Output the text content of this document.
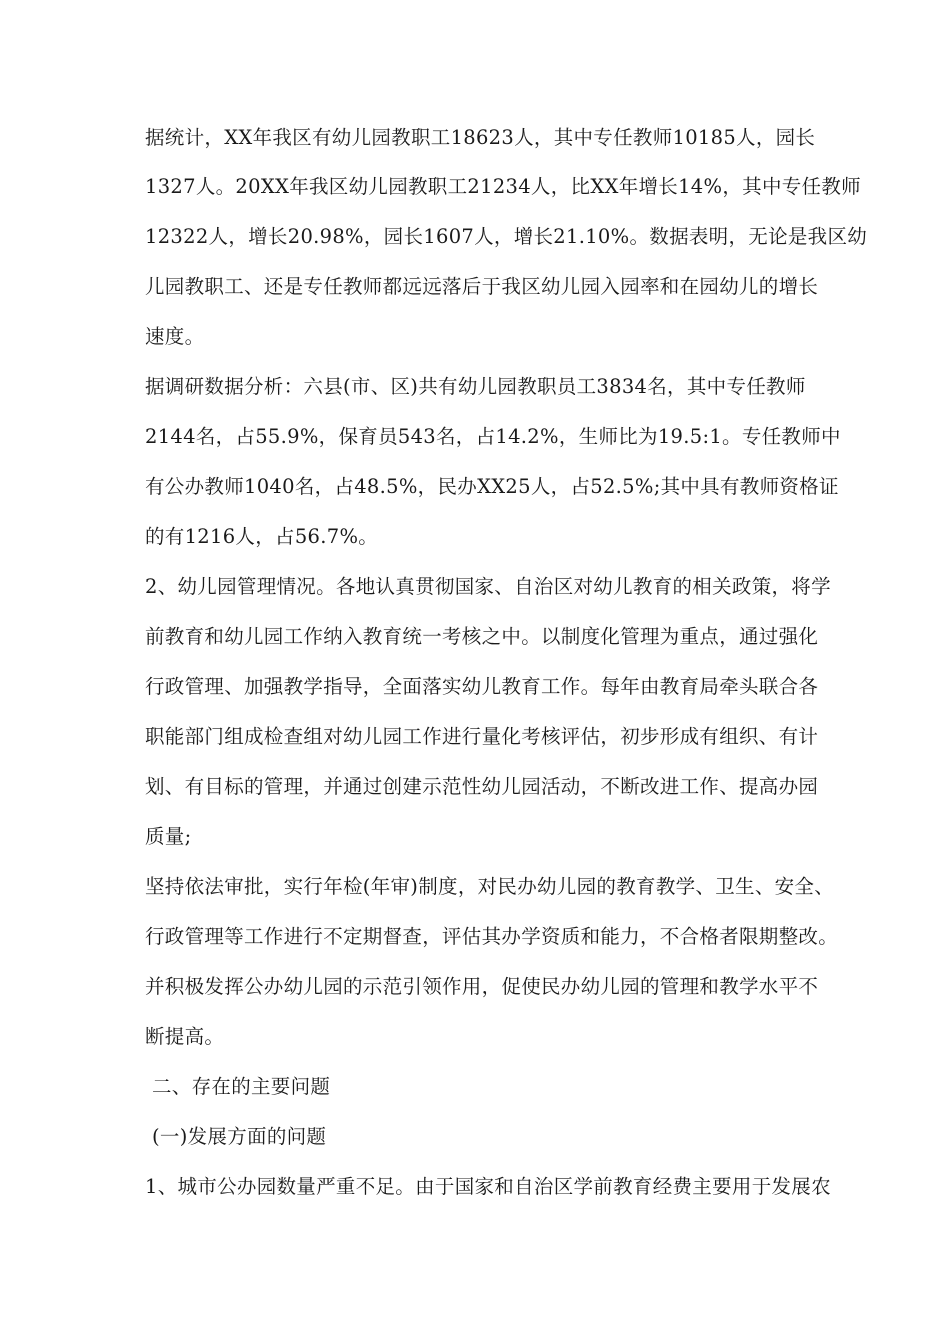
据统计，XX年我区有幼儿园教职工18623人，其中专任教师10185人，园长
1327人。20XX年我区幼儿园教职工21234人，比XX年增长14%，其中专任教师
12322人，增长20.98%，园长1607人，增长21.10%。数据表明，无论是我区幼
儿园教职工、还是专任教师都远远落后于我区幼儿园入园率和在园幼儿的增长
速度。
据调研数据分析：六县(市、区)共有幼儿园教职员工3834名，其中专任教师
2144名，占55.9%，保育员543名，占14.2%，生师比为19.5:1。专任教师中
有公办教师1040名，占48.5%，民办XX25人，占52.5%;其中具有教师资格证
的有1216人，占56.7%。
2、幼儿园管理情况。各地认真贯彻国家、自治区对幼儿教育的相关政策，将学
前教育和幼儿园工作纳入教育统一考核之中。以制度化管理为重点，通过强化
行政管理、加强教学指导，全面落实幼儿教育工作。每年由教育局牵头联合各
职能部门组成检查组对幼儿园工作进行量化考核评估，初步形成有组织、有计
划、有目标的管理，并通过创建示范性幼儿园活动，不断改进工作、提高办园
质量;
坚持依法审批，实行年检(年审)制度，对民办幼儿园的教育教学、卫生、安全、
行政管理等工作进行不定期督查，评估其办学资质和能力，不合格者限期整改。
并积极发挥公办幼儿园的示范引领作用，促使民办幼儿园的管理和教学水平不
断提高。
二、存在的主要问题
(一)发展方面的问题
1、城市公办园数量严重不足。由于国家和自治区学前教育经费主要用于发展农
